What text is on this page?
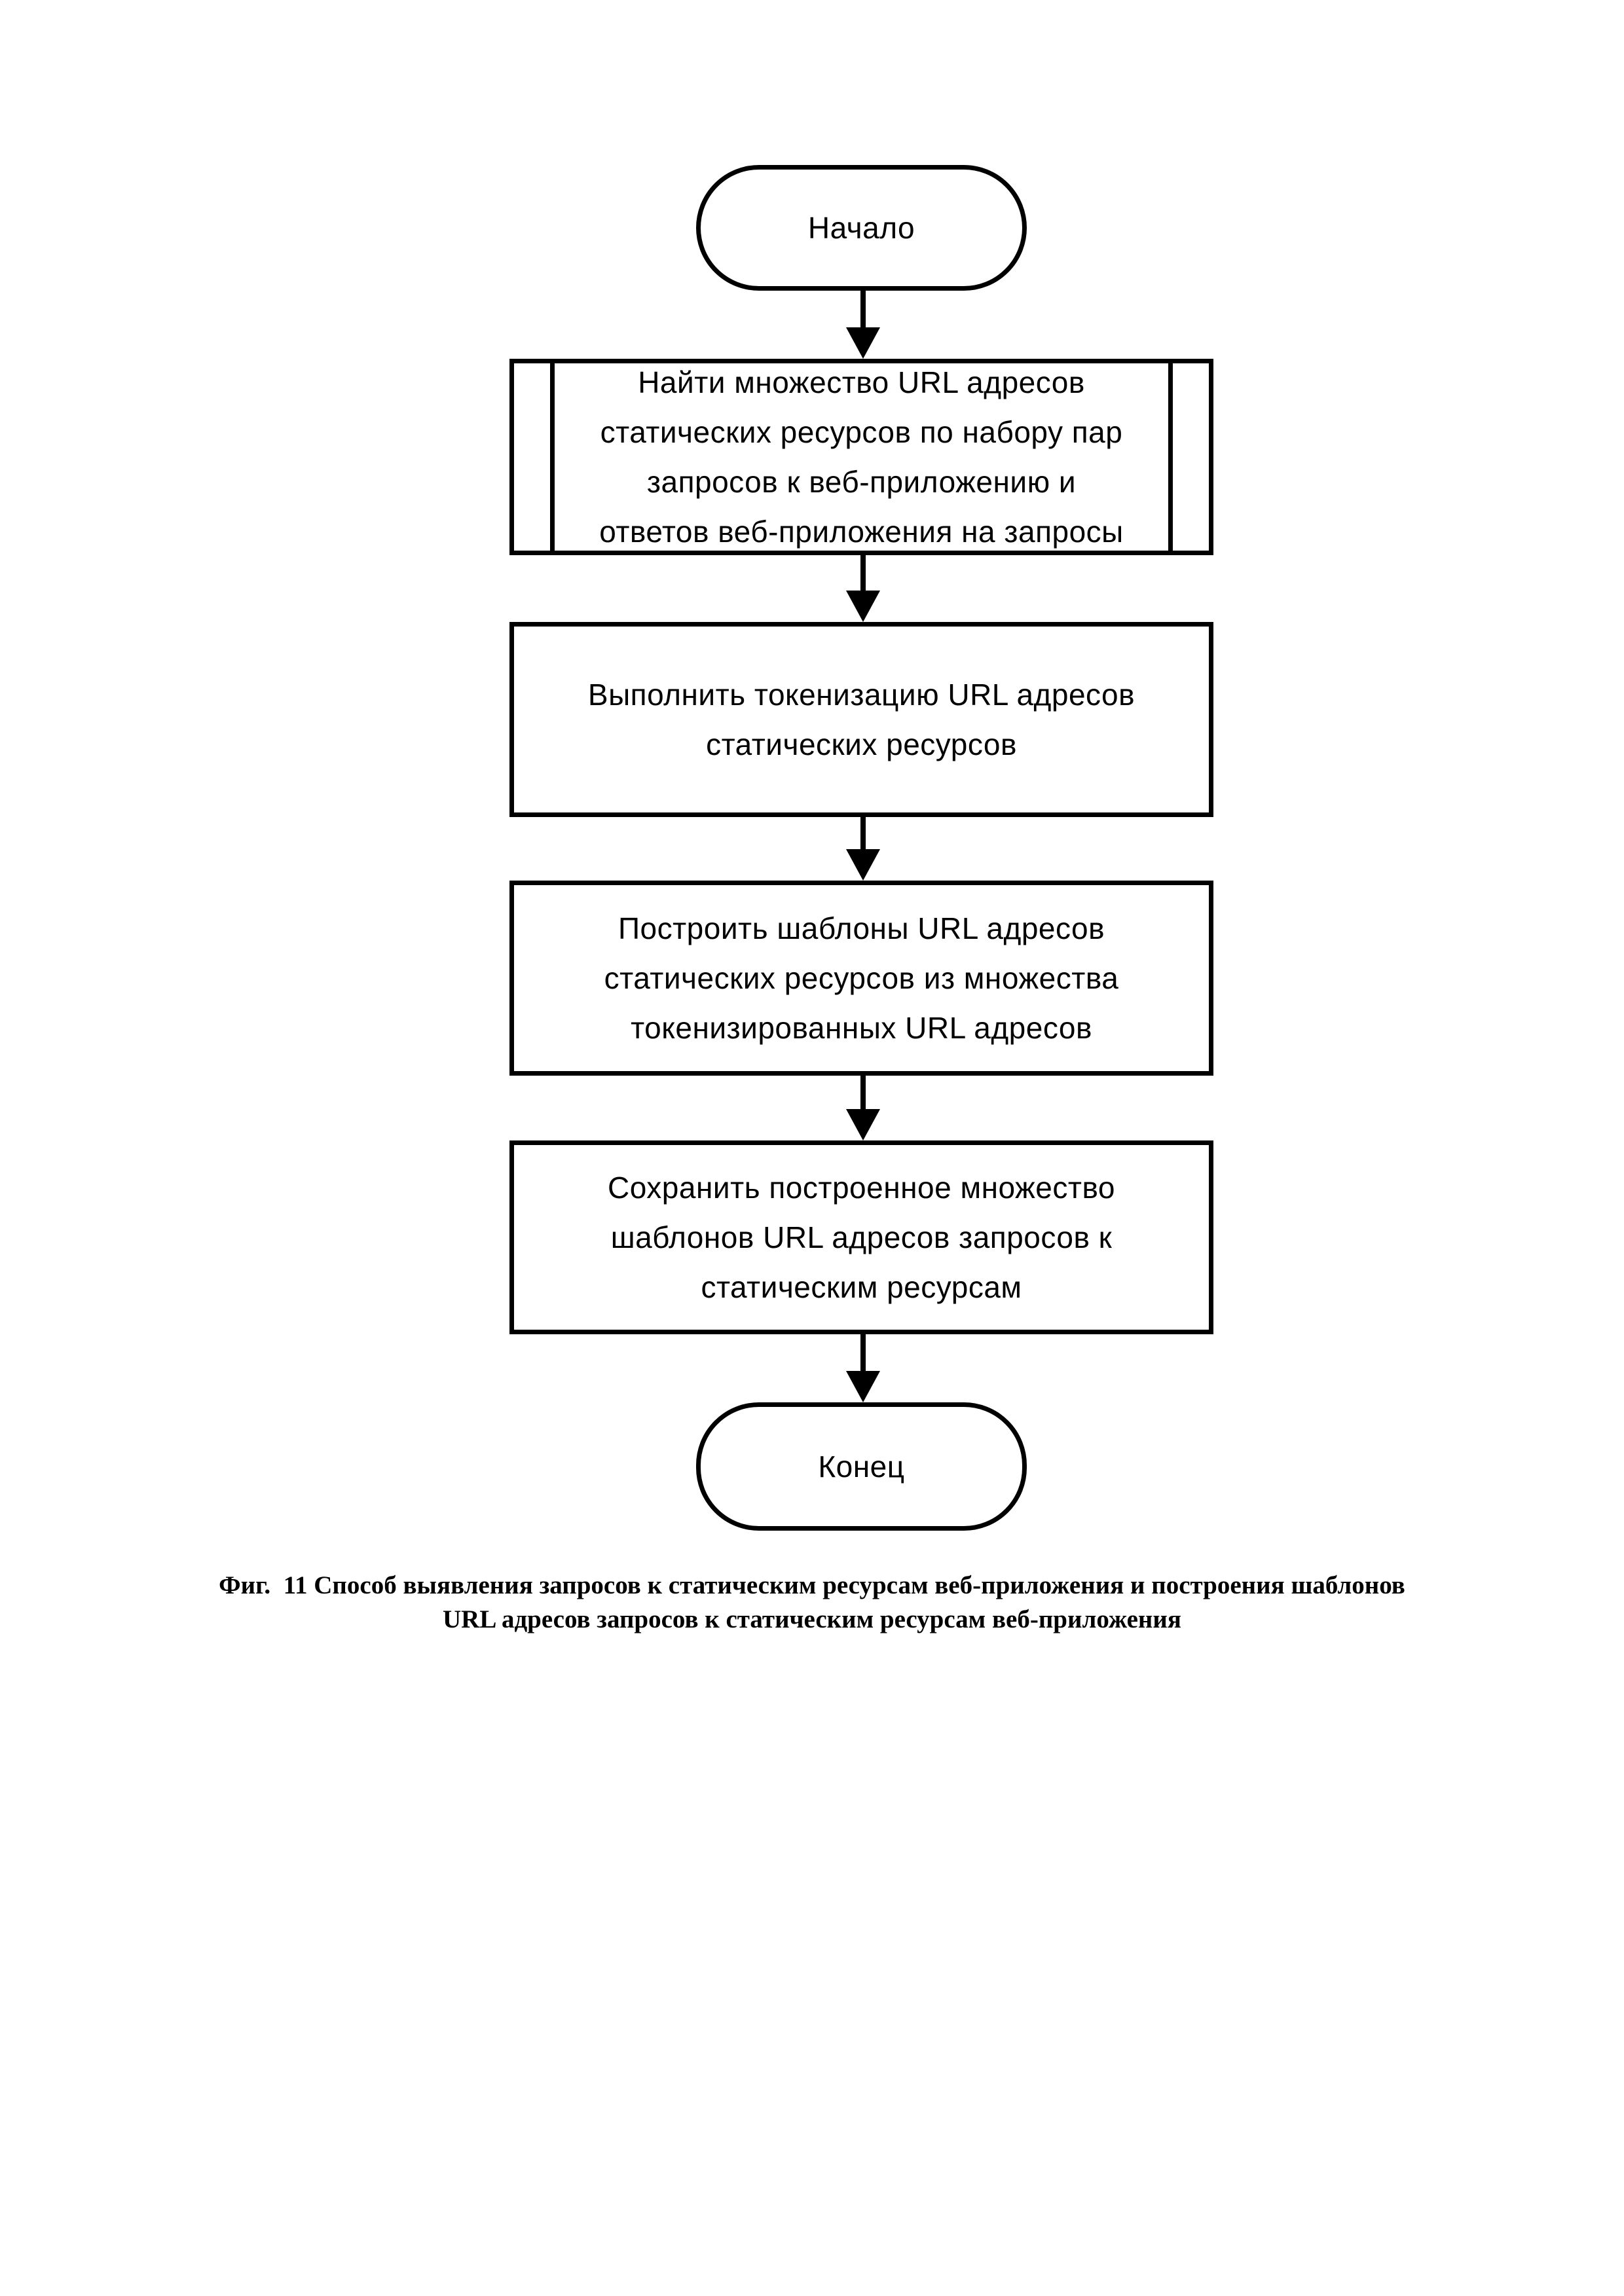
Начало
Найти множество URL адресов
статических ресурсов по набору пар
запросов к веб-приложению и
ответов веб-приложения на запросы
Выполнить токенизацию URL адресов
статических ресурсов
Построить шаблоны URL адресов
статических ресурсов из множества
токенизированных URL адресов
Сохранить построенное множество
шаблонов URL адресов запросов к
статическим ресурсам
Конец
Фиг.  11 Способ выявления запросов к статическим ресурсам веб-приложения и построения шаблонов
URL адресов запросов к статическим ресурсам веб-приложения
